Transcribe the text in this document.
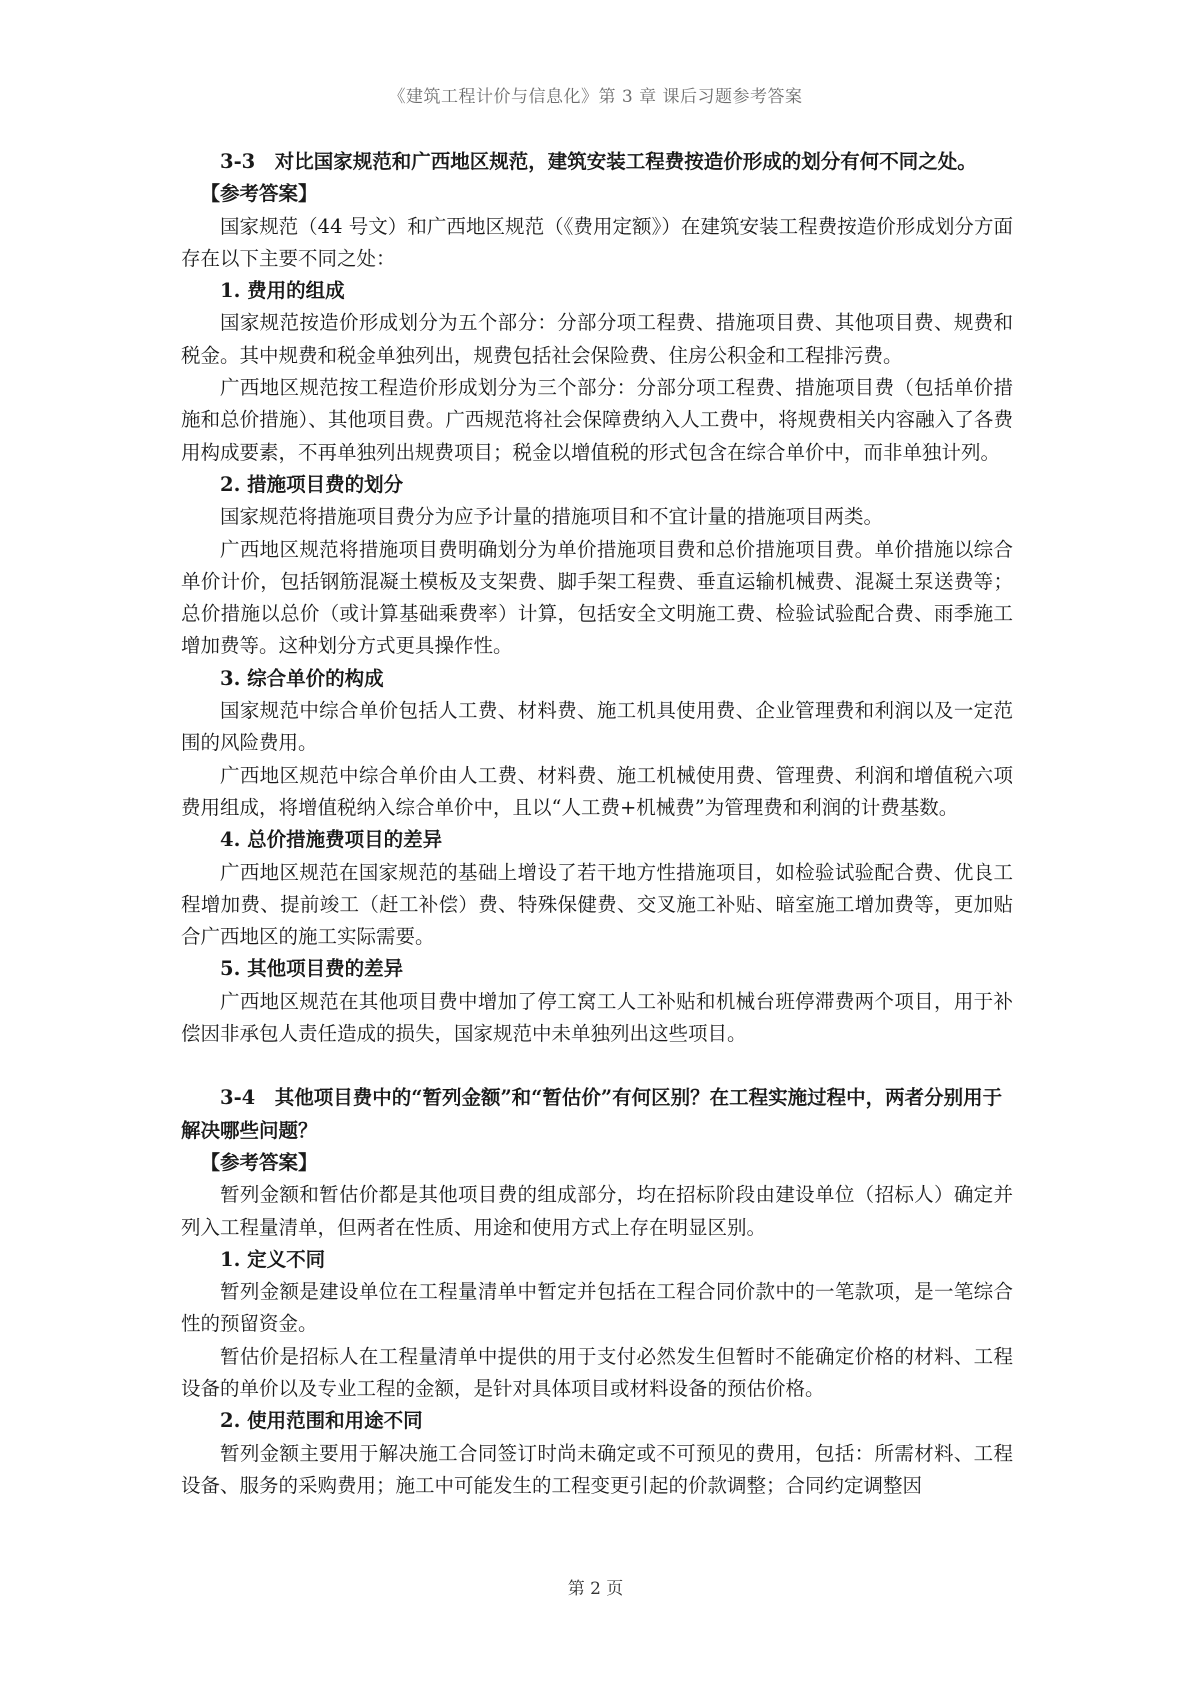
《建筑工程计价与信息化》第 3 章 课后习题参考答案

3-3　对比国家规范和广西地区规范，建筑安装工程费按造价形成的划分有何不同之处。

【参考答案】

国家规范（44 号文）和广西地区规范（《费用定额》）在建筑安装工程费按造价形成划分方面存在以下主要不同之处：

1. 费用的组成

国家规范按造价形成划分为五个部分：分部分项工程费、措施项目费、其他项目费、规费和税金。其中规费和税金单独列出，规费包括社会保险费、住房公积金和工程排污费。

广西地区规范按工程造价形成划分为三个部分：分部分项工程费、措施项目费（包括单价措施和总价措施）、其他项目费。广西规范将社会保障费纳入人工费中，将规费相关内容融入了各费用构成要素，不再单独列出规费项目；税金以增值税的形式包含在综合单价中，而非单独计列。

2. 措施项目费的划分

国家规范将措施项目费分为应予计量的措施项目和不宜计量的措施项目两类。

广西地区规范将措施项目费明确划分为单价措施项目费和总价措施项目费。单价措施以综合单价计价，包括钢筋混凝土模板及支架费、脚手架工程费、垂直运输机械费、混凝土泵送费等；总价措施以总价（或计算基础乘费率）计算，包括安全文明施工费、检验试验配合费、雨季施工增加费等。这种划分方式更具操作性。

3. 综合单价的构成

国家规范中综合单价包括人工费、材料费、施工机具使用费、企业管理费和利润以及一定范围的风险费用。

广西地区规范中综合单价由人工费、材料费、施工机械使用费、管理费、利润和增值税六项费用组成，将增值税纳入综合单价中，且以“人工费+机械费”为管理费和利润的计费基数。

4. 总价措施费项目的差异

广西地区规范在国家规范的基础上增设了若干地方性措施项目，如检验试验配合费、优良工程增加费、提前竣工（赶工补偿）费、特殊保健费、交叉施工补贴、暗室施工增加费等，更加贴合广西地区的施工实际需要。

5. 其他项目费的差异

广西地区规范在其他项目费中增加了停工窝工人工补贴和机械台班停滞费两个项目，用于补偿因非承包人责任造成的损失，国家规范中未单独列出这些项目。

3-4　其他项目费中的“暂列金额”和“暂估价”有何区别？在工程实施过程中，两者分别用于解决哪些问题？

【参考答案】

暂列金额和暂估价都是其他项目费的组成部分，均在招标阶段由建设单位（招标人）确定并列入工程量清单，但两者在性质、用途和使用方式上存在明显区别。

1. 定义不同

暂列金额是建设单位在工程量清单中暂定并包括在工程合同价款中的一笔款项，是一笔综合性的预留资金。

暂估价是招标人在工程量清单中提供的用于支付必然发生但暂时不能确定价格的材料、工程设备的单价以及专业工程的金额，是针对具体项目或材料设备的预估价格。

2. 使用范围和用途不同

暂列金额主要用于解决施工合同签订时尚未确定或不可预见的费用，包括：所需材料、工程设备、服务的采购费用；施工中可能发生的工程变更引起的价款调整；合同约定调整因

第 2 页
